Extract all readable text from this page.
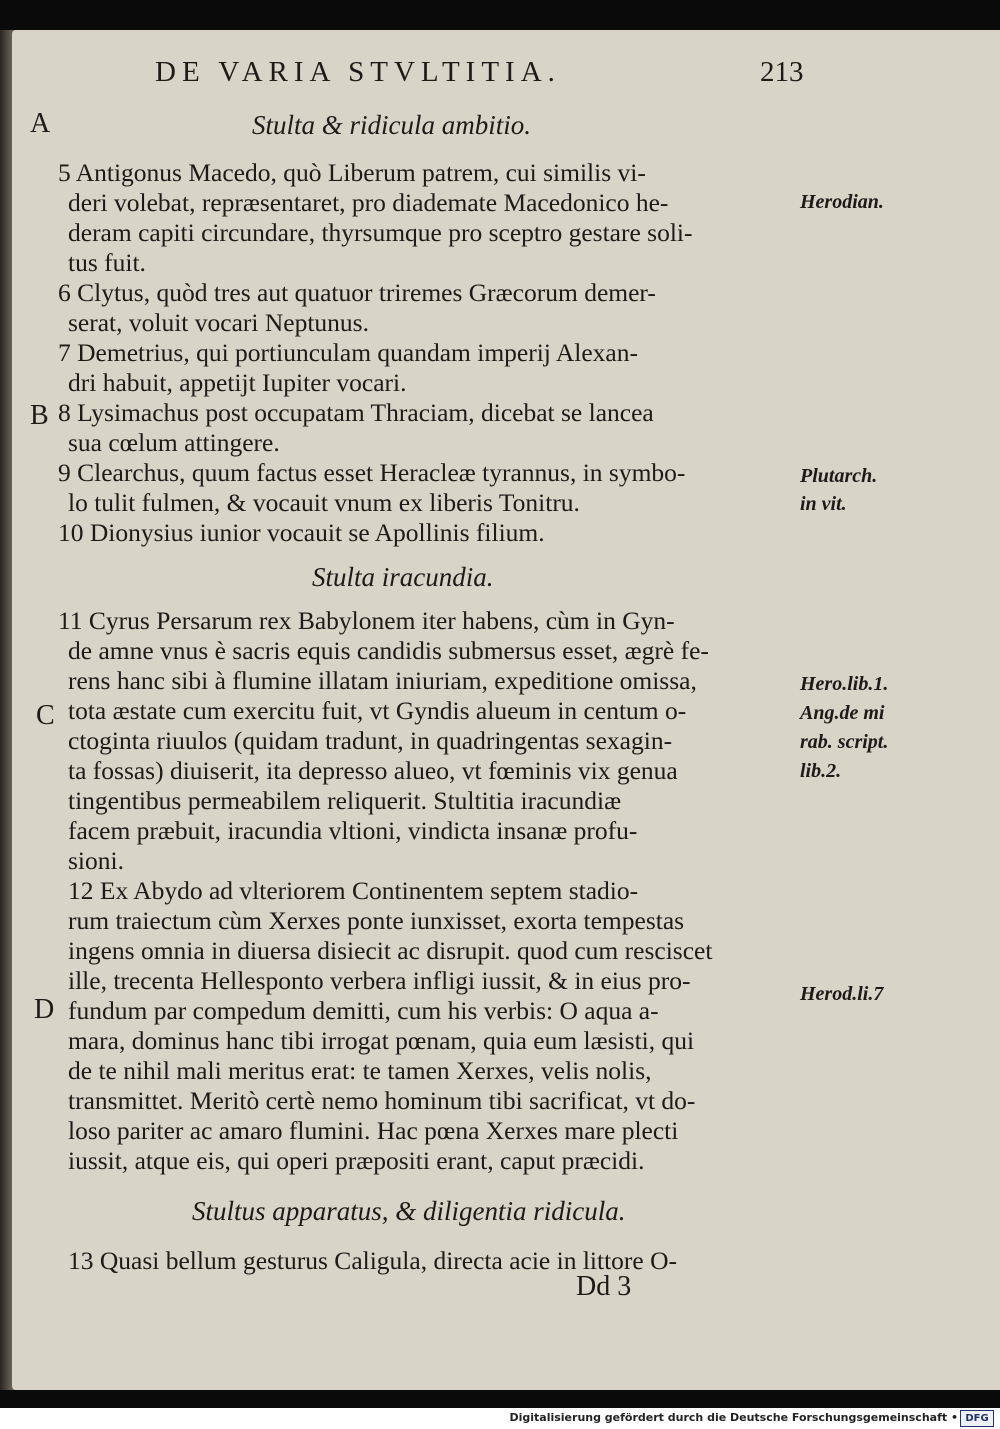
DE VARIA STVLTITIA.	213
A	Stulta & ridicula ambitio.
5 Antigonus Macedo, quò Liberum patrem, cui similis vi-
deri volebat, repræsentaret, pro diademate Macedonico he-
deram capiti circundare, thyrsumque pro sceptro gestare soli-
tus fuit.
6 Clytus, quòd tres aut quatuor triremes Græcorum demer-
serat, voluit vocari Neptunus.
7 Demetrius, qui portiunculam quandam imperij Alexan-
dri habuit, appetijt Iupiter vocari.
B 8 Lysimachus post occupatam Thraciam, dicebat se lancea
sua cœlum attingere.
9 Clearchus, quum factus esset Heracleæ tyrannus, in symbo-
lo tulit fulmen, & vocauit vnum ex liberis Tonitru.
10 Dionysius iunior vocauit se Apollinis filium.
Stulta iracundia.
11 Cyrus Persarum rex Babylonem iter habens, cùm in Gyn-
de amne vnus è sacris equis candidis submersus esset, ægrè fe-
rens hanc sibi à flumine illatam iniuriam, expeditione omissa,
C tota æstate cum exercitu fuit, vt Gyndis alueum in centum o-
ctoginta riuulos (quidam tradunt, in quadringentas sexagin-
ta fossas) diuiserit, ita depresso alueo, vt fœminis vix genua
tingentibus permeabilem reliquerit. Stultitia iracundiæ
facem præbuit, iracundia vltioni, vindicta insanæ profu-
sioni.
12 Ex Abydo ad vlteriorem Continentem septem stadio-
rum traiectum cùm Xerxes ponte iunxisset, exorta tempestas
ingens omnia in diuersa disiecit ac disrupit. quod cum resciscet
ille, trecenta Hellesponto verbera infligi iussit, & in eius pro-
D fundum par compedum demitti, cum his verbis: O aqua a-
mara, dominus hanc tibi irrogat pœnam, quia eum læsisti, qui
de te nihil mali meritus erat: te tamen Xerxes, velis nolis,
transmittet. Meritò certè nemo hominum tibi sacrificat, vt do-
loso pariter ac amaro flumini. Hac pœna Xerxes mare plecti
iussit, atque eis, qui operi præpositi erant, caput præcidi.
Stultus apparatus, & diligentia ridicula.
13 Quasi bellum gesturus Caligula, directa acie in littore O-
Dd 3
Herodian.
Plutarch.
in vit.
Hero.lib.1.
Ang.de mi
rab. script.
lib.2.
Herod.li.7
Digitalisierung gefördert durch die Deutsche Forschungsgemeinschaft • DFG
